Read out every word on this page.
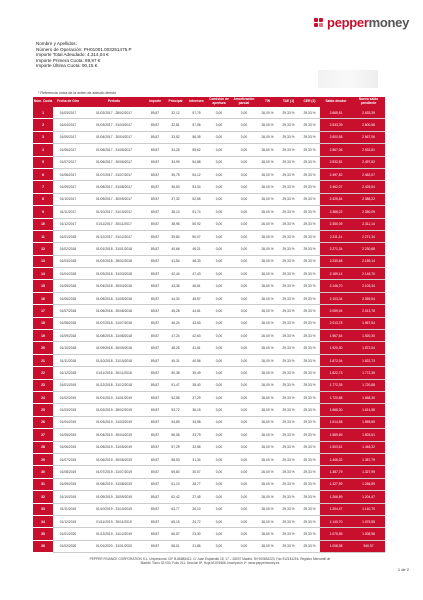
peppermoney
Nombre y Apellidos:
Número de Operación: PH01001.003251475.P
Importe Total Adeudado: 4.314,04 €
Importe Primera Cuota: 89,87 €
Importe Última Cuota: 90,15 €
* Referencia única de la orden de adeudo directo
Núm. Cuota	Fecha de Giro	Periodo	Importe	Principal	Intereses	Comisión de apertura	Amortización parcial	TIN	TAE (1)	CER (2)	Saldo deudor	Nuevo saldo pendiente
1	01/03/2017	01/02/2017 - 28/02/2017	89,87	32,12	57,75	0,00	0,00	26,00 %	29,33 %	29,33 %	2.665,51	2.633,39
2	01/04/2017	01/03/2017 - 31/03/2017	89,87	32,81	57,06	0,00	0,00	26,00 %	29,33 %	29,33 %	2.633,39	2.600,58
3	01/05/2017	01/04/2017 - 30/04/2017	89,87	33,52	56,35	0,00	0,00	26,00 %	29,33 %	29,33 %	2.600,58	2.567,06
4	01/06/2017	01/05/2017 - 31/05/2017	89,87	34,25	55,62	0,00	0,00	26,00 %	29,33 %	29,33 %	2.567,06	2.532,81
5	01/07/2017	01/06/2017 - 30/06/2017	89,87	34,99	54,88	0,00	0,00	26,00 %	29,33 %	29,33 %	2.532,81	2.497,82
6	01/08/2017	01/07/2017 - 31/07/2017	89,87	35,75	54,12	0,00	0,00	26,00 %	29,33 %	29,33 %	2.497,82	2.462,07
7	01/09/2017	01/08/2017 - 31/08/2017	89,87	36,53	53,34	0,00	0,00	26,00 %	29,33 %	29,33 %	2.462,07	2.425,54
8	01/10/2017	01/09/2017 - 30/09/2017	89,87	37,32	52,55	0,00	0,00	26,00 %	29,33 %	29,33 %	2.425,54	2.388,22
9	01/11/2017	01/10/2017 - 31/10/2017	89,87	38,13	51,74	0,00	0,00	26,00 %	29,33 %	29,33 %	2.388,22	2.350,09
10	01/12/2017	01/11/2017 - 30/11/2017	89,87	38,96	50,92	0,00	0,00	26,00 %	29,33 %	29,33 %	2.350,09	2.311,14
11	01/01/2018	01/12/2017 - 31/12/2017	89,87	39,80	50,07	0,00	0,00	26,00 %	29,33 %	29,33 %	2.311,14	2.271,34
12	01/02/2018	01/01/2018 - 31/01/2018	89,87	40,66	49,21	0,00	0,00	26,00 %	29,33 %	29,33 %	2.271,34	2.230,68
13	01/03/2018	01/02/2018 - 28/02/2018	89,87	41,54	48,33	0,00	0,00	26,00 %	29,33 %	29,33 %	2.230,68	2.189,14
14	01/04/2018	01/03/2018 - 31/03/2018	89,87	42,44	47,43	0,00	0,00	26,00 %	29,33 %	29,33 %	2.189,14	2.146,70
15	01/05/2018	01/04/2018 - 30/04/2018	89,87	43,36	46,51	0,00	0,00	26,00 %	29,33 %	29,33 %	2.146,70	2.103,34
16	01/06/2018	01/05/2018 - 31/05/2018	89,87	44,30	45,57	0,00	0,00	26,00 %	29,33 %	29,33 %	2.103,34	2.059,04
17	01/07/2018	01/06/2018 - 30/06/2018	89,87	45,26	44,61	0,00	0,00	26,00 %	29,33 %	29,33 %	2.059,04	2.013,78
18	01/08/2018	01/07/2018 - 31/07/2018	89,87	46,24	43,63	0,00	0,00	26,00 %	29,33 %	29,33 %	2.013,78	1.967,54
19	01/09/2018	01/08/2018 - 31/08/2018	89,87	47,24	42,63	0,00	0,00	26,00 %	29,33 %	29,33 %	1.967,54	1.920,30
20	01/10/2018	01/09/2018 - 30/09/2018	89,87	48,26	41,61	0,00	0,00	26,00 %	29,33 %	29,33 %	1.920,30	1.872,04
21	01/11/2018	01/10/2018 - 31/10/2018	89,87	49,31	40,56	0,00	0,00	26,00 %	29,33 %	29,33 %	1.872,04	1.822,73
22	01/12/2018	01/11/2018 - 30/11/2018	89,87	50,38	39,49	0,00	0,00	26,00 %	29,33 %	29,33 %	1.822,73	1.772,35
23	01/01/2019	01/12/2018 - 31/12/2018	89,87	51,47	38,40	0,00	0,00	26,00 %	29,33 %	29,33 %	1.772,35	1.720,88
24	01/02/2019	01/01/2019 - 31/01/2019	89,87	52,58	37,29	0,00	0,00	26,00 %	29,33 %	29,33 %	1.720,88	1.668,30
25	01/03/2019	01/02/2019 - 28/02/2019	89,87	53,72	36,15	0,00	0,00	26,00 %	29,33 %	29,33 %	1.668,30	1.614,58
26	01/04/2019	01/03/2019 - 31/03/2019	89,87	54,89	34,98	0,00	0,00	26,00 %	29,33 %	29,33 %	1.614,58	1.559,69
27	01/05/2019	01/04/2019 - 30/04/2019	89,87	56,08	33,79	0,00	0,00	26,00 %	29,33 %	29,33 %	1.559,69	1.503,61
28	01/06/2019	01/05/2019 - 31/05/2019	89,87	57,29	32,58	0,00	0,00	26,00 %	29,33 %	29,33 %	1.503,61	1.446,32
29	01/07/2019	01/06/2019 - 30/06/2019	89,87	58,53	31,34	0,00	0,00	26,00 %	29,33 %	29,33 %	1.446,32	1.387,79
30	01/08/2019	01/07/2019 - 31/07/2019	89,87	59,80	30,07	0,00	0,00	26,00 %	29,33 %	29,33 %	1.387,79	1.327,99
31	01/09/2019	01/08/2019 - 31/08/2019	89,87	61,10	28,77	0,00	0,00	26,00 %	29,33 %	29,33 %	1.327,99	1.266,89
32	01/10/2019	01/09/2019 - 30/09/2019	89,87	62,42	27,45	0,00	0,00	26,00 %	29,33 %	29,33 %	1.266,89	1.204,47
33	01/11/2019	01/10/2019 - 31/10/2019	89,87	63,77	26,10	0,00	0,00	26,00 %	29,33 %	29,33 %	1.204,47	1.140,70
34	01/12/2019	01/11/2019 - 30/11/2019	89,87	65,15	24,72	0,00	0,00	26,00 %	29,33 %	29,33 %	1.140,70	1.075,55
35	01/01/2020	01/12/2019 - 31/12/2019	89,87	66,57	23,30	0,00	0,00	26,00 %	29,33 %	29,33 %	1.075,55	1.008,98
36	01/02/2020	01/01/2020 - 31/01/2020	89,87	68,01	21,86	0,00	0,00	26,00 %	29,33 %	29,33 %	1.008,98	940,97
PEPPER FINANCE CORPORATION S.L. Unipersonal. CIF B-86883412. C/ Juan Esplandiú 15, 17 – 28007 Madrid. Tel 900834223. Fax 912181216. Registro Mercantil de
Madrid. Tomo 32.030, Folio 211, Sección 8ª, Hoja M-576566, Inscripción 1ª. www.peppermoney.es
1 de 2
